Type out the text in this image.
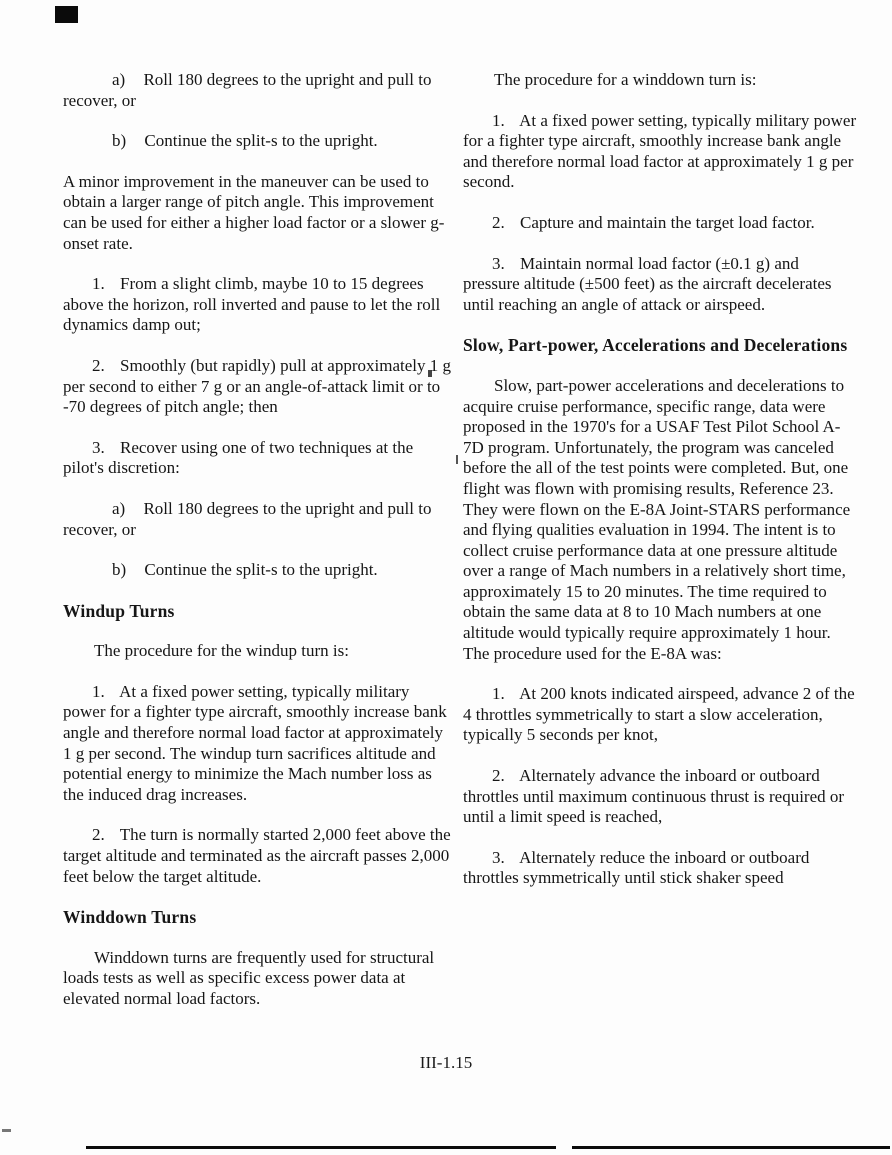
a) Roll 180 degrees to the upright and pull to recover, or

b) Continue the split-s to the upright.

A minor improvement in the maneuver can be used to obtain a larger range of pitch angle. This improvement can be used for either a higher load factor or a slower g-onset rate.

1. From a slight climb, maybe 10 to 15 degrees above the horizon, roll inverted and pause to let the roll dynamics damp out;

2. Smoothly (but rapidly) pull at approximately 1 g per second to either 7 g or an angle-of-attack limit or to -70 degrees of pitch angle; then

3. Recover using one of two techniques at the pilot's discretion:

a) Roll 180 degrees to the upright and pull to recover, or

b) Continue the split-s to the upright.

Windup Turns

The procedure for the windup turn is:

1. At a fixed power setting, typically military power for a fighter type aircraft, smoothly increase bank angle and therefore normal load factor at approximately 1 g per second. The windup turn sacrifices altitude and potential energy to minimize the Mach number loss as the induced drag increases.

2. The turn is normally started 2,000 feet above the target altitude and terminated as the aircraft passes 2,000 feet below the target altitude.

Winddown Turns

Winddown turns are frequently used for structural loads tests as well as specific excess power data at elevated normal load factors.

The procedure for a winddown turn is:

1. At a fixed power setting, typically military power for a fighter type aircraft, smoothly increase bank angle and therefore normal load factor at approximately 1 g per second.

2. Capture and maintain the target load factor.

3. Maintain normal load factor (±0.1 g) and pressure altitude (±500 feet) as the aircraft decelerates until reaching an angle of attack or airspeed.

Slow, Part-power, Accelerations and Decelerations

Slow, part-power accelerations and decelerations to acquire cruise performance, specific range, data were proposed in the 1970's for a USAF Test Pilot School A-7D program. Unfortunately, the program was canceled before the all of the test points were completed. But, one flight was flown with promising results, Reference 23. They were flown on the E-8A Joint-STARS performance and flying qualities evaluation in 1994. The intent is to collect cruise performance data at one pressure altitude over a range of Mach numbers in a relatively short time, approximately 15 to 20 minutes. The time required to obtain the same data at 8 to 10 Mach numbers at one altitude would typically require approximately 1 hour. The procedure used for the E-8A was:

1. At 200 knots indicated airspeed, advance 2 of the 4 throttles symmetrically to start a slow acceleration, typically 5 seconds per knot,

2. Alternately advance the inboard or outboard throttles until maximum continuous thrust is required or until a limit speed is reached,

3. Alternately reduce the inboard or outboard throttles symmetrically until stick shaker speed

III-1.15
